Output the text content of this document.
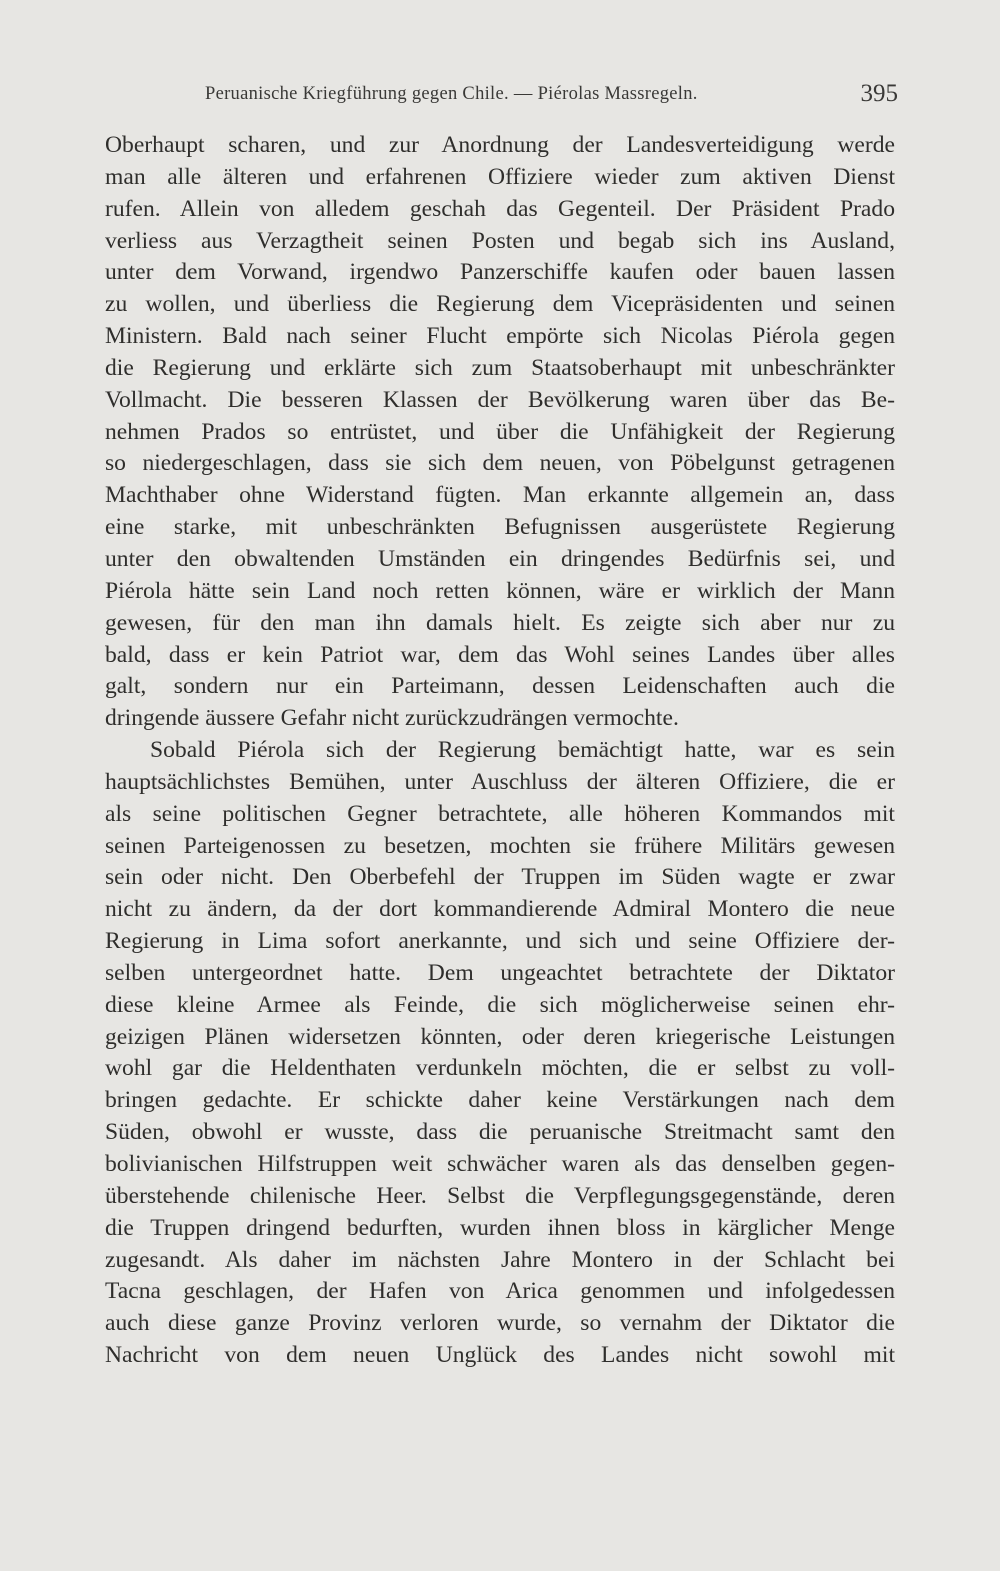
Peruanische Kriegführung gegen Chile. — Piérolas Massregeln.	395
Oberhaupt scharen, und zur Anordnung der Landesverteidigung werde
man alle älteren und erfahrenen Offiziere wieder zum aktiven Dienst
rufen. Allein von alledem geschah das Gegenteil. Der Präsident Prado
verliess aus Verzagtheit seinen Posten und begab sich ins Ausland,
unter dem Vorwand, irgendwo Panzerschiffe kaufen oder bauen lassen
zu wollen, und überliess die Regierung dem Vicepräsidenten und seinen
Ministern. Bald nach seiner Flucht empörte sich Nicolas Piérola gegen
die Regierung und erklärte sich zum Staatsoberhaupt mit unbeschränkter
Vollmacht. Die besseren Klassen der Bevölkerung waren über das Be-
nehmen Prados so entrüstet, und über die Unfähigkeit der Regierung
so niedergeschlagen, dass sie sich dem neuen, von Pöbelgunst getragenen
Machthaber ohne Widerstand fügten. Man erkannte allgemein an, dass
eine starke, mit unbeschränkten Befugnissen ausgerüstete Regierung
unter den obwaltenden Umständen ein dringendes Bedürfnis sei, und
Piérola hätte sein Land noch retten können, wäre er wirklich der Mann
gewesen, für den man ihn damals hielt. Es zeigte sich aber nur zu
bald, dass er kein Patriot war, dem das Wohl seines Landes über alles
galt, sondern nur ein Parteimann, dessen Leidenschaften auch die
dringende äussere Gefahr nicht zurückzudrängen vermochte.
Sobald Piérola sich der Regierung bemächtigt hatte, war es sein
hauptsächlichstes Bemühen, unter Auschluss der älteren Offiziere, die er
als seine politischen Gegner betrachtete, alle höheren Kommandos mit
seinen Parteigenossen zu besetzen, mochten sie frühere Militärs gewesen
sein oder nicht. Den Oberbefehl der Truppen im Süden wagte er zwar
nicht zu ändern, da der dort kommandierende Admiral Montero die neue
Regierung in Lima sofort anerkannte, und sich und seine Offiziere der-
selben untergeordnet hatte. Dem ungeachtet betrachtete der Diktator
diese kleine Armee als Feinde, die sich möglicherweise seinen ehr-
geizigen Plänen widersetzen könnten, oder deren kriegerische Leistungen
wohl gar die Heldenthaten verdunkeln möchten, die er selbst zu voll-
bringen gedachte. Er schickte daher keine Verstärkungen nach dem
Süden, obwohl er wusste, dass die peruanische Streitmacht samt den
bolivianischen Hilfstruppen weit schwächer waren als das denselben gegen-
überstehende chilenische Heer. Selbst die Verpflegungsgegenstände, deren
die Truppen dringend bedurften, wurden ihnen bloss in kärglicher Menge
zugesandt. Als daher im nächsten Jahre Montero in der Schlacht bei
Tacna geschlagen, der Hafen von Arica genommen und infolgedessen
auch diese ganze Provinz verloren wurde, so vernahm der Diktator die
Nachricht von dem neuen Unglück des Landes nicht sowohl mit
